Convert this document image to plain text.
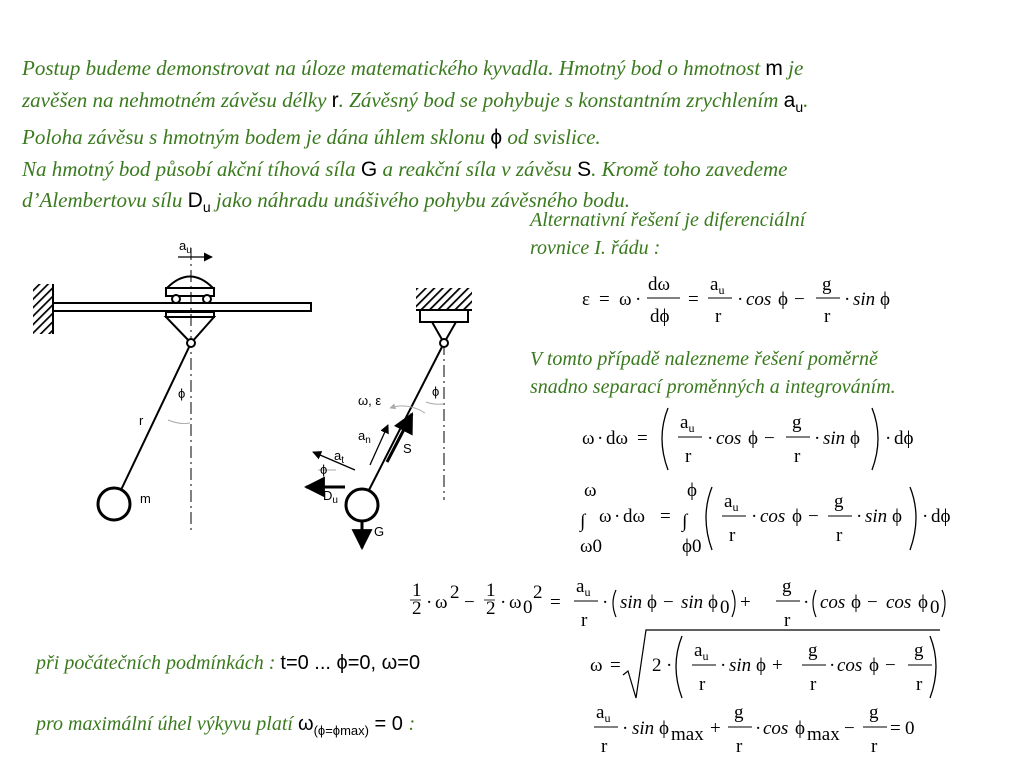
Postup budeme demonstrovat na úloze matematického kyvadla. Hmotný bod o hmotnost m je

zavěšen na nehmotném závěsu délky r. Závěsný bod se pohybuje s konstantním zrychlením $a_u$.

Poloha závěsu s hmotným bodem je dána úhlem sklonu ϕ od svislice.

Na hmotný bod působí akční tíhová síla G a reakční síla v závěsu S. Kromě toho zavedeme

d’Alembertovu sílu $D_u$ jako náhradu unášivého pohybu závěsného bodu.

Alternativní řešení je diferenciální
rovnice I. řádu :
V tomto případě nalezneme řešení poměrně
snadno separací proměnných a integrováním.
při počátečních podmínkách : t=0 ... ϕ=0, ω=0
pro maximální úhel výkyvu platí $\omega_{(\phi=\phi max)} = 0$ :
$a_u$
ϕ
r
m
ϕ
ω, ε
$a_n$
S
$a_t$
ϕ
$D_u$
G
ε = ω ·
dω
dϕ
=
$a_u$
r
· cos ϕ −
g
r
· sin ϕ
ω · dω =
$a_u$
r
· cos ϕ −
g
r
· sin ϕ · dϕ
ω
∫
ω0
ω · dω =
ϕ
∫
ϕ0
$a_u$
r
· cos ϕ −
g
r
· sin ϕ · dϕ
1
2 · ω 2 −
1
2 · ω 0
2 =
$a_u$
r
· sin ϕ − sin ϕ 0 +
g
r
· cos ϕ − cos ϕ 0
ω = 2 ·
$a_u$
r
· sin ϕ +
g
r
· cos ϕ −
g
r
$a_u$
r
· sin ϕ max +
g
r
· cos ϕ max −
g
r
= 0
